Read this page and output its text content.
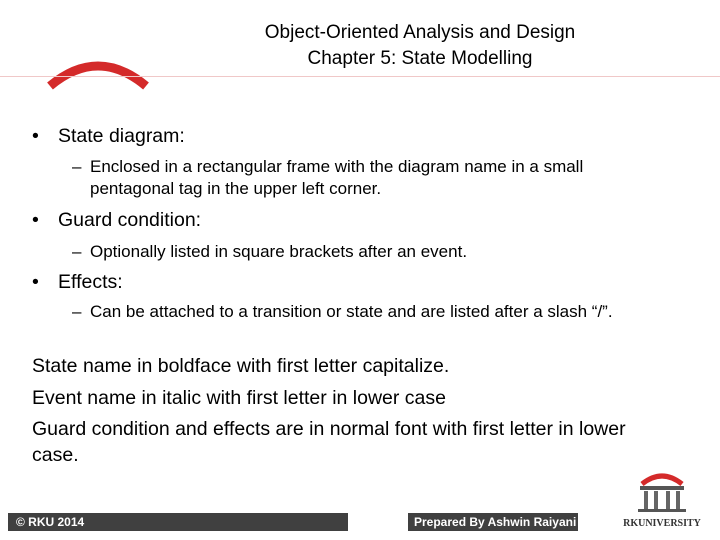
Object-Oriented Analysis and Design
Chapter 5: State Modelling
• State diagram:
– Enclosed in a rectangular frame with the diagram name in a small pentagonal tag in the upper left corner.
• Guard condition:
– Optionally listed in square brackets after an event.
• Effects:
– Can be attached to a transition or state and are listed after a slash “/”.
State name in boldface with first letter capitalize.
Event name in italic with first letter in lower case
Guard condition and effects are in normal font with first letter in lower case.
© RKU 2014	Prepared By Ashwin Raiyani	RKUNIVERSITY
